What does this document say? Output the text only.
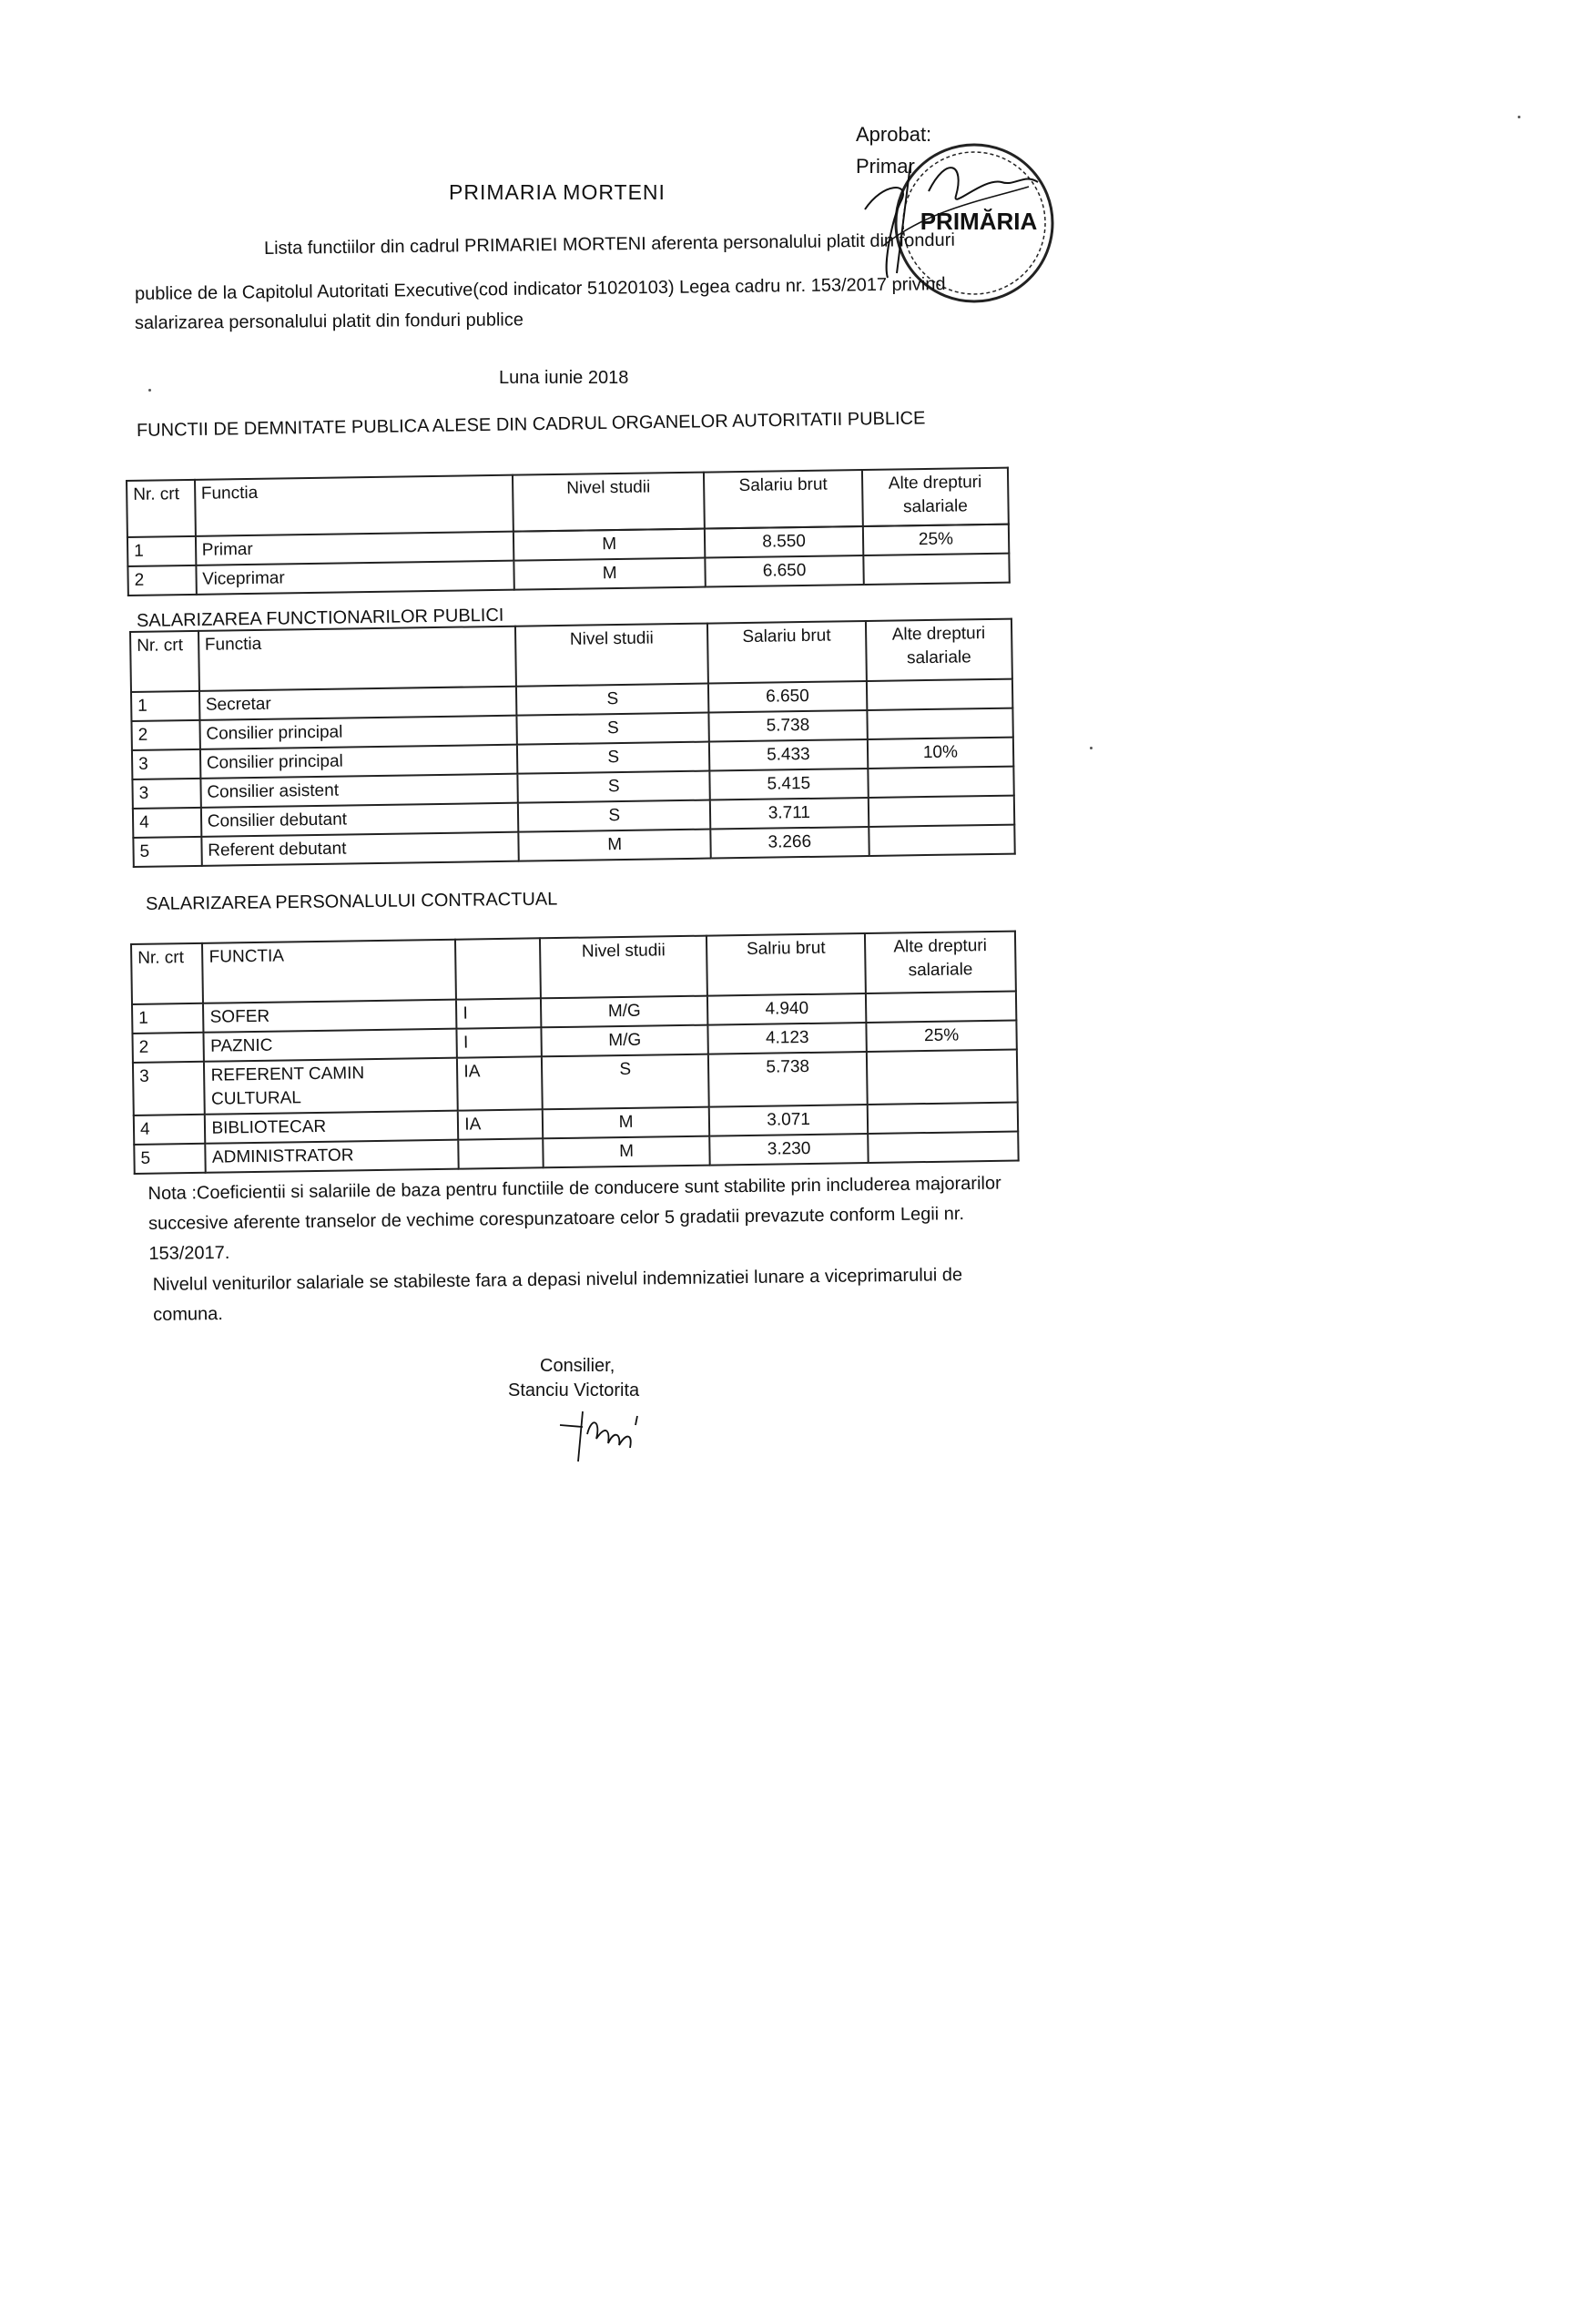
Aprobat:
Primar
PRIMĂRIA
PRIMARIA MORTENI
Lista functiilor din cadrul PRIMARIEI MORTENI aferenta personalului platit din fonduri
publice de la Capitolul Autoritati Executive(cod indicator 51020103) Legea cadru nr. 153/2017 privind
salarizarea personalului platit din fonduri publice
Luna iunie 2018
FUNCTII DE DEMNITATE PUBLICA ALESE DIN CADRUL ORGANELOR AUTORITATII PUBLICE
Nr. crt	Functia	Nivel studii	Salariu brut	Alte drepturi salariale

1	Primar	M	8.550	25%
2	Viceprimar	M	6.650	
SALARIZAREA FUNCTIONARILOR PUBLICI
Nr. crt	Functia	Nivel studii	Salariu brut	Alte drepturi salariale
1	Secretar	S	6.650	
2	Consilier principal	S	5.738	
3	Consilier principal	S	5.433	10%
3	Consilier asistent	S	5.415	
4	Consilier debutant	S	3.711	
5	Referent debutant	M	3.266	
SALARIZAREA PERSONALULUI CONTRACTUAL
Nr. crt	FUNCTIA		Nivel studii	Salriu brut	Alte drepturi salariale
1	SOFER	I	M/G	4.940	
2	PAZNIC	I	M/G	4.123	25%
3	REFERENT CAMIN CULTURAL	IA	S	5.738	
4	BIBLIOTECAR	IA	M	3.071	
5	ADMINISTRATOR		M	3.230	
Nota :Coeficientii si salariile de baza pentru functiile de conducere sunt stabilite prin includerea majorarilor succesive aferente transelor de vechime corespunzatoare celor 5 gradatii prevazute conform Legii nr. 153/2017.
Nivelul veniturilor salariale se stabileste fara a depasi nivelul indemnizatiei lunare a viceprimarului de comuna.
Consilier,
Stanciu Victorita
